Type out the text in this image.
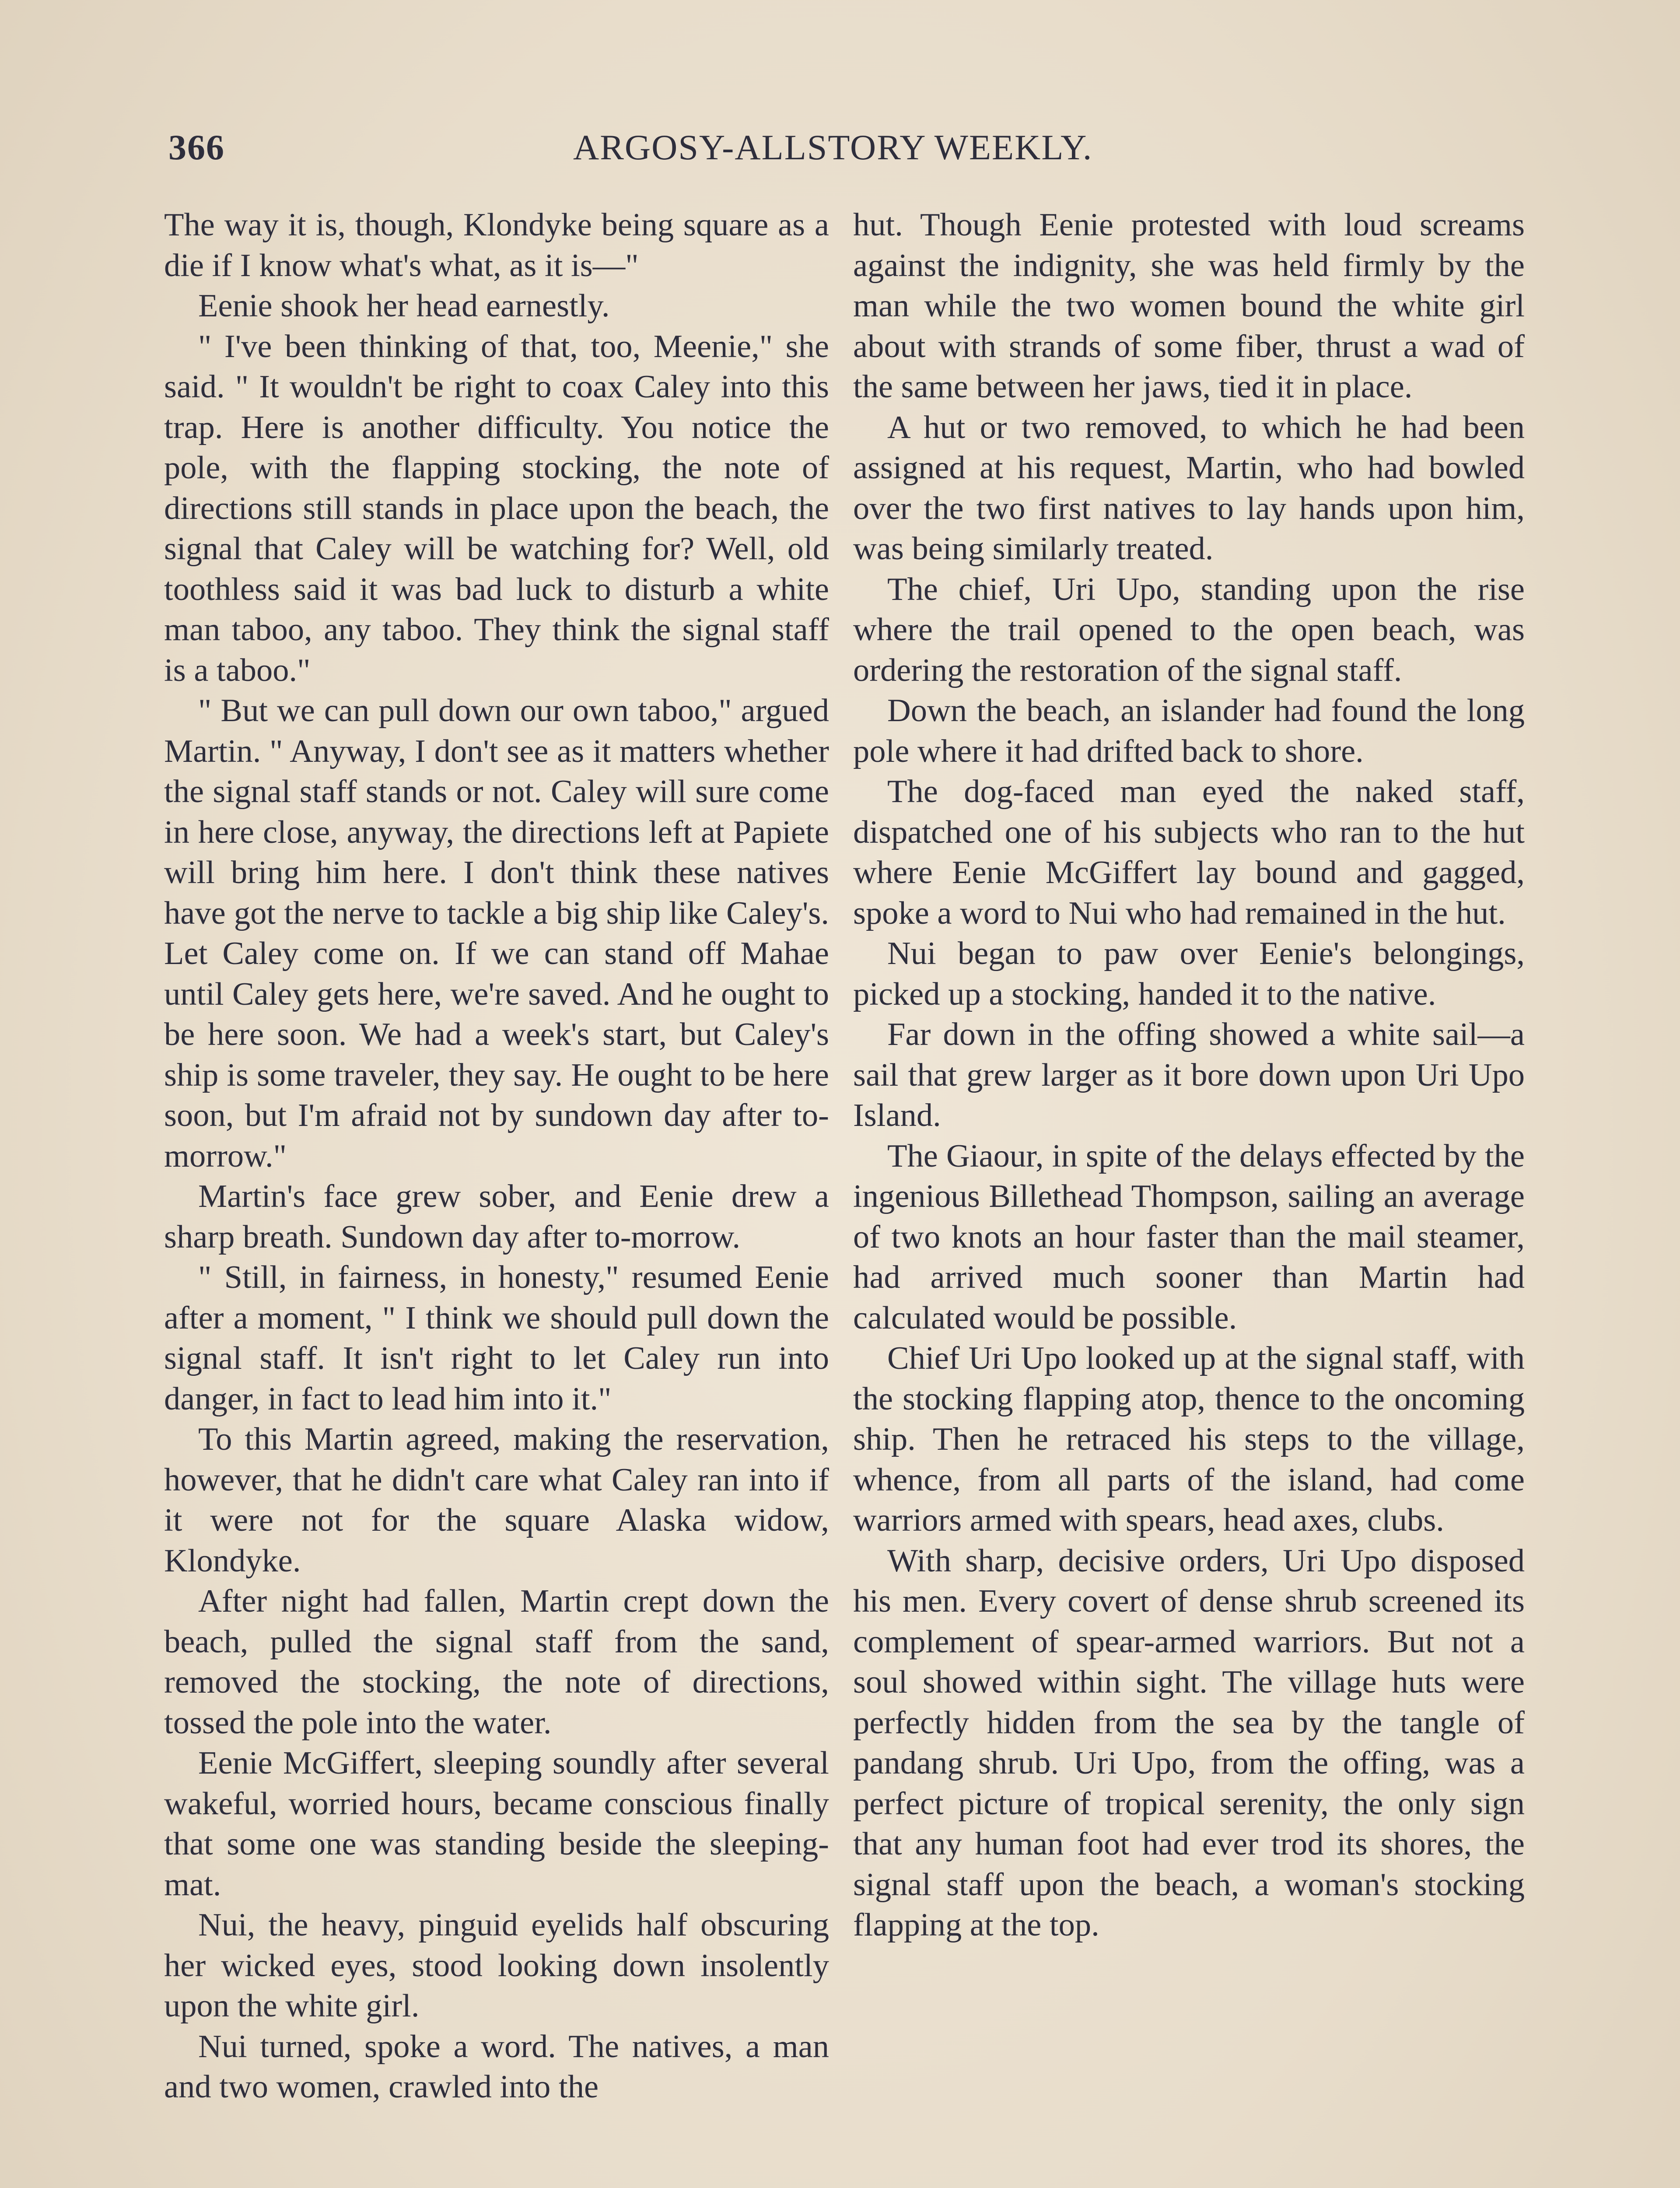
366	ARGOSY-ALLSTORY WEEKLY.

The way it is, though, Klondyke being square as a die if I know what's what, as it is—"

Eenie shook her head earnestly.

" I've been thinking of that, too, Meenie," she said. " It wouldn't be right to coax Caley into this trap. Here is another difficulty. You notice the pole, with the flapping stocking, the note of directions still stands in place upon the beach, the signal that Caley will be watching for? Well, old toothless said it was bad luck to disturb a white man taboo, any taboo. They think the signal staff is a taboo."

" But we can pull down our own taboo," argued Martin. " Anyway, I don't see as it matters whether the signal staff stands or not. Caley will sure come in here close, anyway, the directions left at Papiete will bring him here. I don't think these natives have got the nerve to tackle a big ship like Caley's. Let Caley come on. If we can stand off Mahae until Caley gets here, we're saved. And he ought to be here soon. We had a week's start, but Caley's ship is some traveler, they say. He ought to be here soon, but I'm afraid not by sundown day after to-morrow."

Martin's face grew sober, and Eenie drew a sharp breath. Sundown day after to-morrow.

" Still, in fairness, in honesty," resumed Eenie after a moment, " I think we should pull down the signal staff. It isn't right to let Caley run into danger, in fact to lead him into it."

To this Martin agreed, making the reservation, however, that he didn't care what Caley ran into if it were not for the square Alaska widow, Klondyke.

After night had fallen, Martin crept down the beach, pulled the signal staff from the sand, removed the stocking, the note of directions, tossed the pole into the water.

Eenie McGiffert, sleeping soundly after several wakeful, worried hours, became conscious finally that some one was standing beside the sleeping-mat.

Nui, the heavy, pinguid eyelids half obscuring her wicked eyes, stood looking down insolently upon the white girl.

Nui turned, spoke a word. The natives, a man and two women, crawled into the

hut. Though Eenie protested with loud screams against the indignity, she was held firmly by the man while the two women bound the white girl about with strands of some fiber, thrust a wad of the same between her jaws, tied it in place.

A hut or two removed, to which he had been assigned at his request, Martin, who had bowled over the two first natives to lay hands upon him, was being similarly treated.

The chief, Uri Upo, standing upon the rise where the trail opened to the open beach, was ordering the restoration of the signal staff.

Down the beach, an islander had found the long pole where it had drifted back to shore.

The dog-faced man eyed the naked staff, dispatched one of his subjects who ran to the hut where Eenie McGiffert lay bound and gagged, spoke a word to Nui who had remained in the hut.

Nui began to paw over Eenie's belongings, picked up a stocking, handed it to the native.

Far down in the offing showed a white sail—a sail that grew larger as it bore down upon Uri Upo Island.

The Giaour, in spite of the delays effected by the ingenious Billethead Thompson, sailing an average of two knots an hour faster than the mail steamer, had arrived much sooner than Martin had calculated would be possible.

Chief Uri Upo looked up at the signal staff, with the stocking flapping atop, thence to the oncoming ship. Then he retraced his steps to the village, whence, from all parts of the island, had come warriors armed with spears, head axes, clubs.

With sharp, decisive orders, Uri Upo disposed his men. Every covert of dense shrub screened its complement of spear-armed warriors. But not a soul showed within sight. The village huts were perfectly hidden from the sea by the tangle of pandang shrub. Uri Upo, from the offing, was a perfect picture of tropical serenity, the only sign that any human foot had ever trod its shores, the signal staff upon the beach, a woman's stocking flapping at the top.
